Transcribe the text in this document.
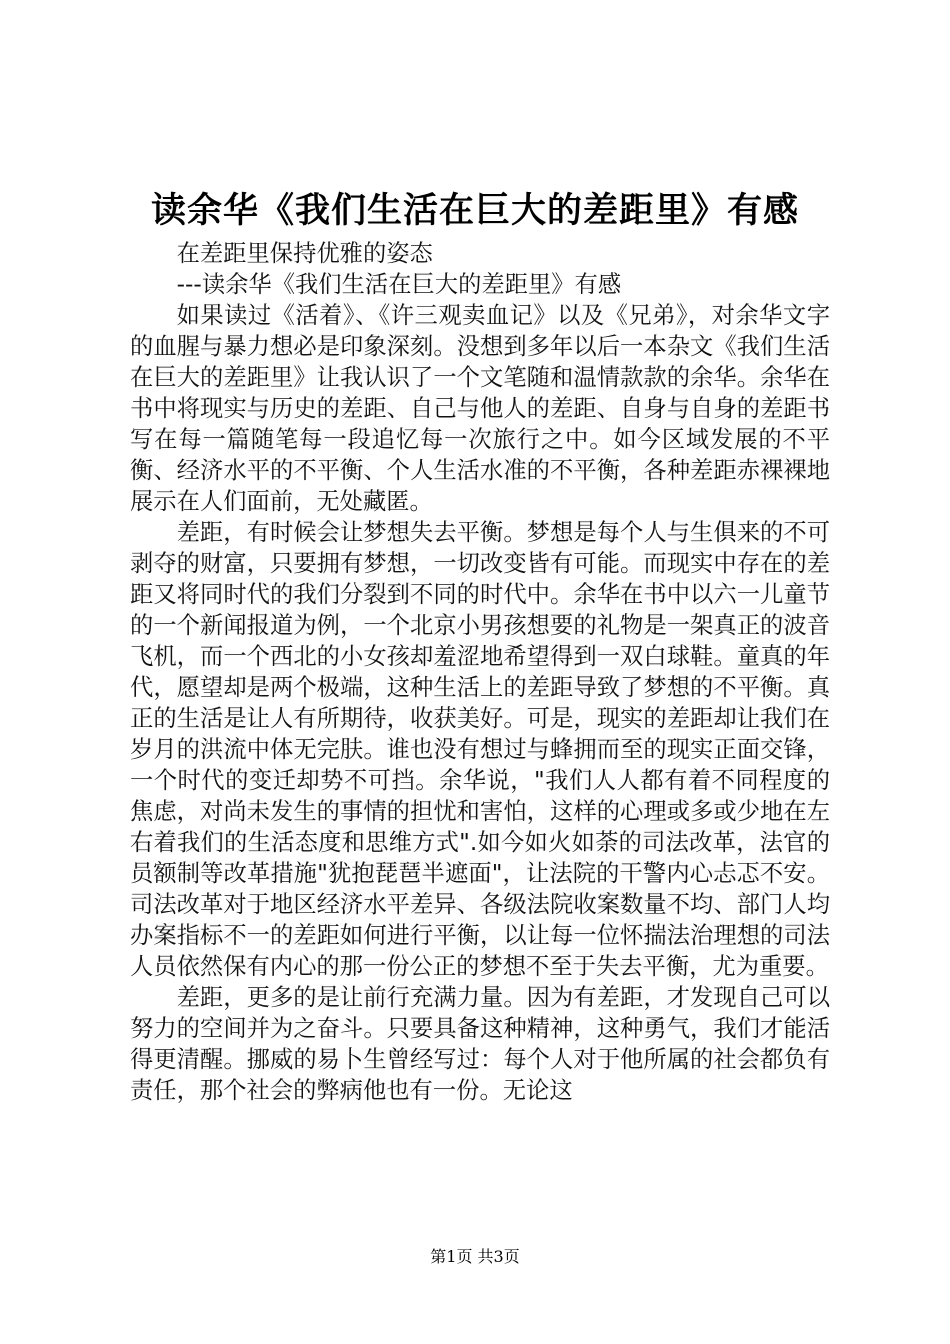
读余华《我们生活在巨大的差距里》有感

在差距里保持优雅的姿态

---读余华《我们生活在巨大的差距里》有感

如果读过《活着》、《许三观卖血记》以及《兄弟》，对余华文字的血腥与暴力想必是印象深刻。没想到多年以后一本杂文《我们生活在巨大的差距里》让我认识了一个文笔随和温情款款的余华。余华在书中将现实与历史的差距、自己与他人的差距、自身与自身的差距书写在每一篇随笔每一段追忆每一次旅行之中。如今区域发展的不平衡、经济水平的不平衡、个人生活水准的不平衡，各种差距赤裸裸地展示在人们面前，无处藏匿。

差距，有时候会让梦想失去平衡。梦想是每个人与生俱来的不可剥夺的财富，只要拥有梦想，一切改变皆有可能。而现实中存在的差距又将同时代的我们分裂到不同的时代中。余华在书中以六一儿童节的一个新闻报道为例，一个北京小男孩想要的礼物是一架真正的波音飞机，而一个西北的小女孩却羞涩地希望得到一双白球鞋。童真的年代，愿望却是两个极端，这种生活上的差距导致了梦想的不平衡。真正的生活是让人有所期待，收获美好。可是，现实的差距却让我们在岁月的洪流中体无完肤。谁也没有想过与蜂拥而至的现实正面交锋，一个时代的变迁却势不可挡。余华说，"我们人人都有着不同程度的焦虑，对尚未发生的事情的担忧和害怕，这样的心理或多或少地在左右着我们的生活态度和思维方式".如今如火如荼的司法改革，法官的员额制等改革措施"犹抱琵琶半遮面"，让法院的干警内心忐忑不安。司法改革对于地区经济水平差异、各级法院收案数量不均、部门人均办案指标不一的差距如何进行平衡，以让每一位怀揣法治理想的司法人员依然保有内心的那一份公正的梦想不至于失去平衡，尤为重要。

差距，更多的是让前行充满力量。因为有差距，才发现自己可以努力的空间并为之奋斗。只要具备这种精神，这种勇气，我们才能活得更清醒。挪威的易卜生曾经写过：每个人对于他所属的社会都负有责任，那个社会的弊病他也有一份。无论这

第1页 共3页
